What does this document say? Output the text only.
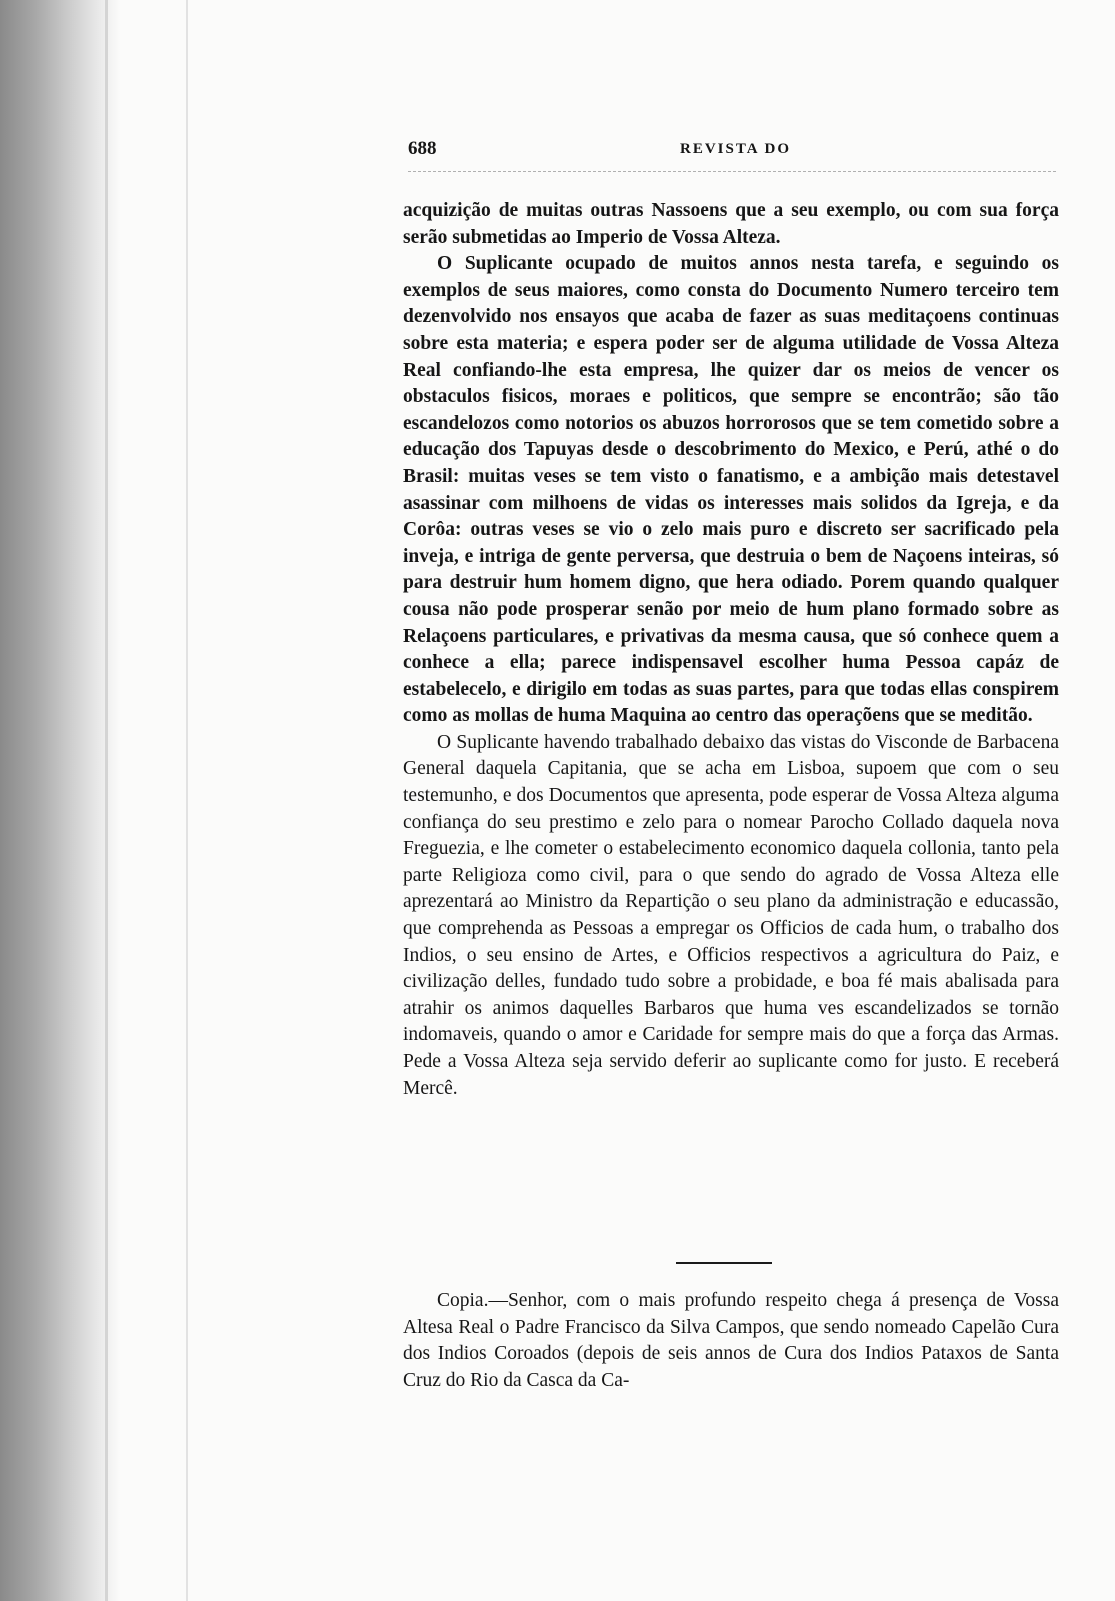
688	REVISTA DO

acquizição de muitas outras Nassoens que a seu exemplo, ou com sua força serão submetidas ao Imperio de Vossa Alteza.

O Suplicante ocupado de muitos annos nesta tarefa, e seguindo os exemplos de seus maiores, como consta do Documento Numero terceiro tem dezenvolvido nos ensayos que acaba de fazer as suas meditaçoens continuas sobre esta materia; e espera poder ser de alguma utilidade de Vossa Alteza Real confiando-lhe esta empresa, lhe quizer dar os meios de vencer os obstaculos fisicos, moraes e politicos, que sempre se encontrão; são tão escandelozos como notorios os abuzos horrorosos que se tem cometido sobre a educação dos Tapuyas desde o descobrimento do Mexico, e Perú, athé o do Brasil: muitas veses se tem visto o fanatismo, e a ambição mais detestavel asassinar com milhoens de vidas os interesses mais solidos da Igreja, e da Corôa: outras veses se vio o zelo mais puro e discreto ser sacrificado pela inveja, e intriga de gente perversa, que destruia o bem de Naçoens inteiras, só para destruir hum homem digno, que hera odiado. Porem quando qualquer cousa não pode prosperar senão por meio de hum plano formado sobre as Relaçoens particulares, e privativas da mesma causa, que só conhece quem a conhece a ella; parece indispensavel escolher huma Pessoa capáz de estabelecelo, e dirigilo em todas as suas partes, para que todas ellas conspirem como as mollas de huma Maquina ao centro das operaçõens que se meditão.

O Suplicante havendo trabalhado debaixo das vistas do Visconde de Barbacena General daquela Capitania, que se acha em Lisboa, supoem que com o seu testemunho, e dos Documentos que apresenta, pode esperar de Vossa Alteza alguma confiança do seu prestimo e zelo para o nomear Parocho Collado daquela nova Freguezia, e lhe cometer o estabelecimento economico daquela collonia, tanto pela parte Religioza como civil, para o que sendo do agrado de Vossa Alteza elle aprezentará ao Ministro da Repartição o seu plano da administração e educassão, que comprehenda as Pessoas a empregar os Officios de cada hum, o trabalho dos Indios, o seu ensino de Artes, e Officios respectivos a agricultura do Paiz, e civilização delles, fundado tudo sobre a probidade, e boa fé mais abalisada para atrahir os animos daquelles Barbaros que huma ves escandelizados se tornão indomaveis, quando o amor e Caridade for sempre mais do que a força das Armas. Pede a Vossa Alteza seja servido deferir ao suplicante como for justo. E receberá Mercê.

Copia.—Senhor, com o mais profundo respeito chega á presença de Vossa Altesa Real o Padre Francisco da Silva Campos, que sendo nomeado Capelão Cura dos Indios Coroados (depois de seis annos de Cura dos Indios Pataxos de Santa Cruz do Rio da Casca da Ca-
